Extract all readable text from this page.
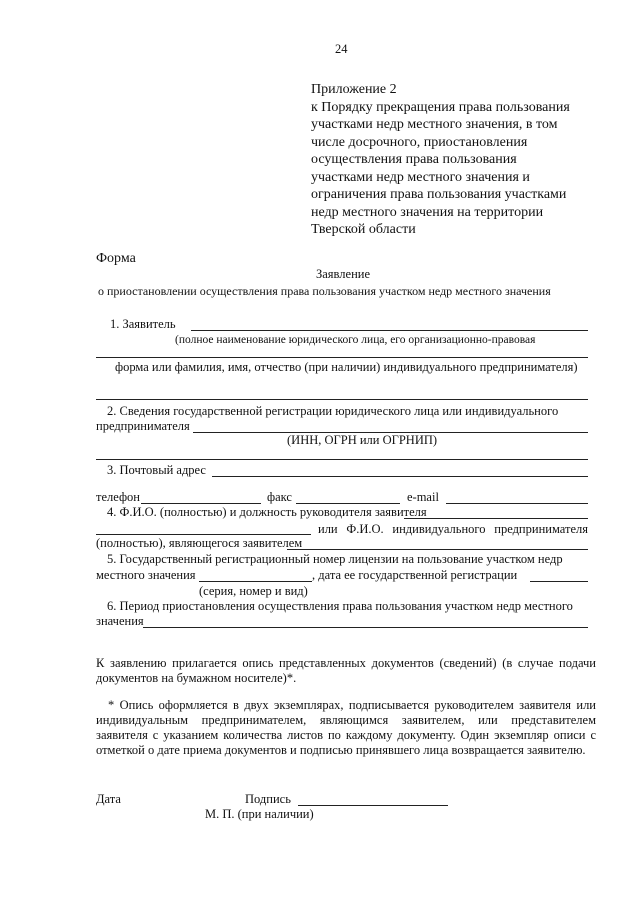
24
Приложение 2
к Порядку прекращения права пользования
участками недр местного значения, в том
числе досрочного, приостановления
осуществления права пользования
участками недр местного значения и
ограничения права пользования участками
недр местного значения на территории
Тверской области
Форма
Заявление
о приостановлении осуществления права пользования участком недр местного значения
1. Заявитель
(полное наименование юридического лица, его организационно-правовая
форма или фамилия, имя, отчество (при наличии) индивидуального предпринимателя)
2. Сведения государственной регистрации юридического лица или индивидуального
предпринимателя
(ИНН, ОГРН или ОГРНИП)
3. Почтовый адрес
телефон	факс	e-mail
4. Ф.И.О. (полностью) и должность руководителя заявителя
или Ф.И.О. индивидуального предпринимателя
(полностью), являющегося заявителем
5. Государственный регистрационный номер лицензии на пользование участком недр
местного значения	, дата ее государственной регистрации
(серия, номер и вид)
6. Период приостановления осуществления права пользования участком недр местного
значения
К заявлению прилагается опись представленных документов (сведений) (в случае подачи документов на бумажном носителе)*.
* Опись оформляется в двух экземплярах, подписывается руководителем заявителя или индивидуальным предпринимателем, являющимся заявителем, или представителем заявителя с указанием количества листов по каждому документу. Один экземпляр описи с отметкой о дате приема документов и подписью принявшего лица возвращается заявителю.
Дата	Подпись
М. П. (при наличии)
